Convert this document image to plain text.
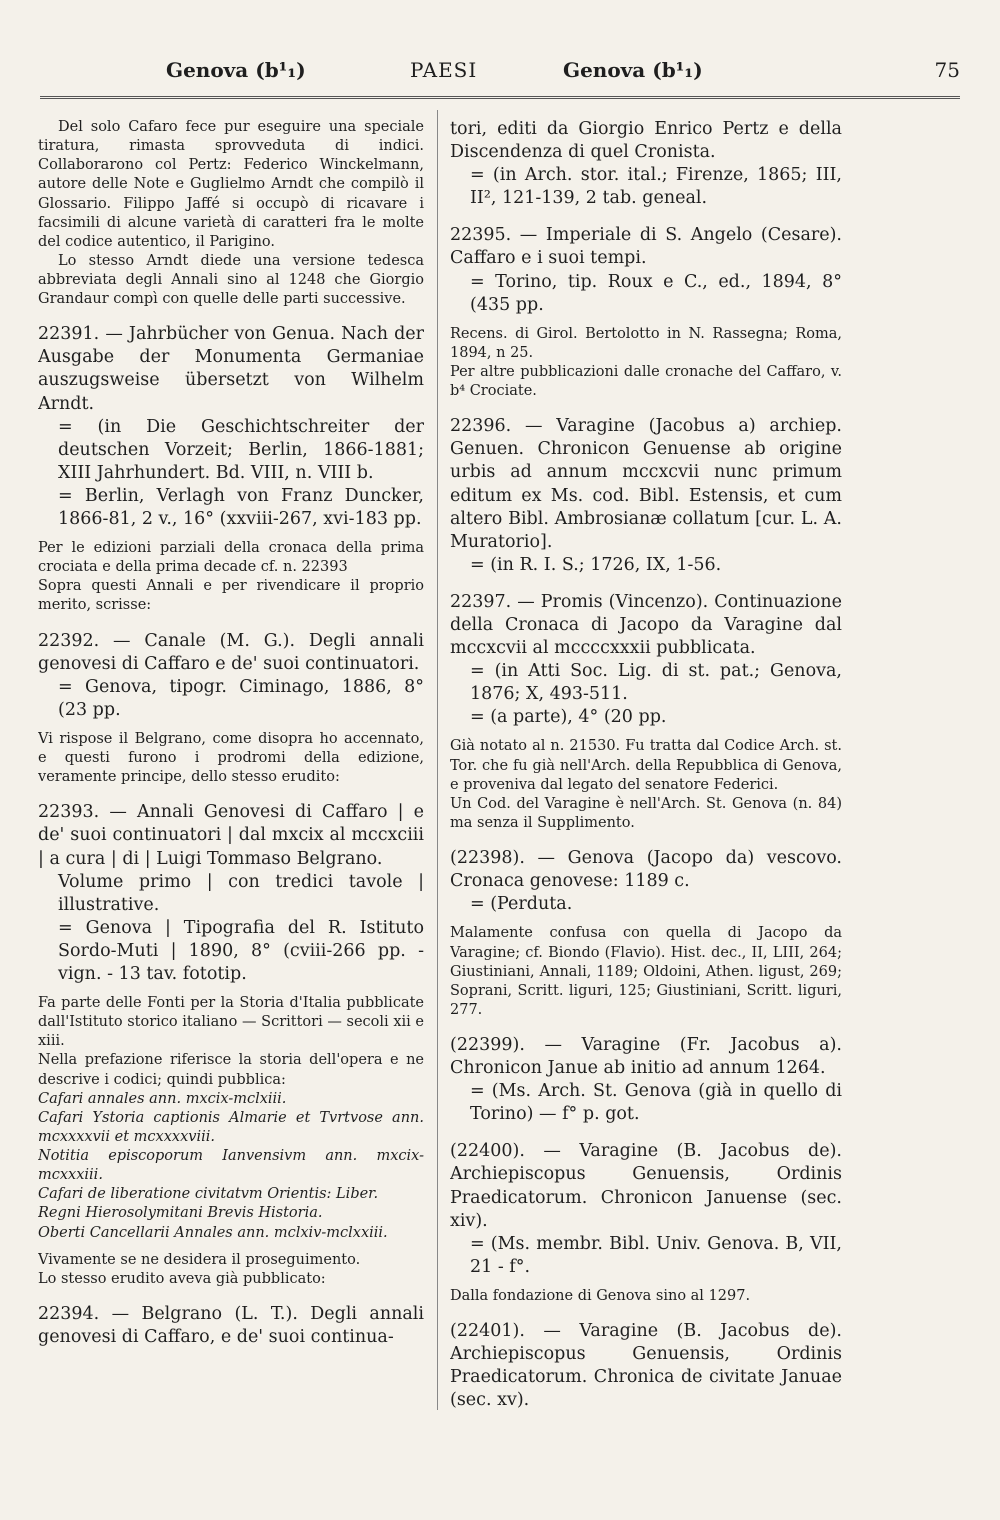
Genova (b¹₁)	PAESI	Genova (b¹₁)	75

Del solo Cafaro fece pur eseguire una speciale tiratura, rimasta sprovveduta di indici. Collaborarono col Pertz: Federico Winckelmann, autore delle Note e Guglielmo Arndt che compilò il Glossario. Filippo Jaffé si occupò di ricavare i facsimili di alcune varietà di caratteri fra le molte del codice autentico, il Parigino.

Lo stesso Arndt diede una versione tedesca abbreviata degli Annali sino al 1248 che Giorgio Grandaur compì con quelle delle parti successive.

22391. — Jahrbücher von Genua. Nach der Ausgabe der Monumenta Germaniae auszugsweise übersetzt von Wilhelm Arndt.

= (in Die Geschichtschreiter der deutschen Vorzeit; Berlin, 1866-1881; XIII Jahrhundert. Bd. VIII, n. VIII b.

= Berlin, Verlagh von Franz Duncker, 1866-81, 2 v., 16° (xxviii-267, xvi-183 pp.

Per le edizioni parziali della cronaca della prima crociata e della prima decade cf. n. 22393

Sopra questi Annali e per rivendicare il proprio merito, scrisse:

22392. — Canale (M. G.). Degli annali genovesi di Caffaro e de' suoi continuatori.

= Genova, tipogr. Ciminago, 1886, 8° (23 pp.

Vi rispose il Belgrano, come disopra ho accennato, e questi furono i prodromi della edizione, veramente principe, dello stesso erudito:

22393. — Annali Genovesi di Caffaro | e de' suoi continuatori | dal mxcix al mccxciii | a cura | di | Luigi Tommaso Belgrano.

Volume primo | con tredici tavole | illustrative.

= Genova | Tipografia del R. Istituto Sordo-Muti | 1890, 8° (cviii-266 pp. - vign. - 13 tav. fototip.

Fa parte delle Fonti per la Storia d'Italia pubblicate dall'Istituto storico italiano — Scrittori — secoli xii e xiii.

Nella prefazione riferisce la storia dell'opera e ne descrive i codici; quindi pubblica:

Cafari annales ann. mxcix-mclxiii.

Cafari Ystoria captionis Almarie et Tvrtvose ann. mcxxxxvii et mcxxxxviii.

Notitia episcoporum Ianvensivm ann. mxcix-mcxxxiii.

Cafari de liberatione civitatvm Orientis: Liber.

Regni Hierosolymitani Brevis Historia.

Oberti Cancellarii Annales ann. mclxiv-mclxxiii.

Vivamente se ne desidera il proseguimento.

Lo stesso erudito aveva già pubblicato:

22394. — Belgrano (L. T.). Degli annali genovesi di Caffaro, e de' suoi continua-

tori, editi da Giorgio Enrico Pertz e della Discendenza di quel Cronista.

= (in Arch. stor. ital.; Firenze, 1865; III, II², 121-139, 2 tab. geneal.

22395. — Imperiale di S. Angelo (Cesare). Caffaro e i suoi tempi.

= Torino, tip. Roux e C., ed., 1894, 8° (435 pp.

Recens. di Girol. Bertolotto in N. Rassegna; Roma, 1894, n 25.

Per altre pubblicazioni dalle cronache del Caffaro, v. b⁴ Crociate.

22396. — Varagine (Jacobus a) archiep. Genuen. Chronicon Genuense ab origine urbis ad annum mccxcvii nunc primum editum ex Ms. cod. Bibl. Estensis, et cum altero Bibl. Ambrosianæ collatum [cur. L. A. Muratorio].

= (in R. I. S.; 1726, IX, 1-56.

22397. — Promis (Vincenzo). Continuazione della Cronaca di Jacopo da Varagine dal mccxcvii al mccccxxxii pubblicata.

= (in Atti Soc. Lig. di st. pat.; Genova, 1876; X, 493-511.

= (a parte), 4° (20 pp.

Già notato al n. 21530. Fu tratta dal Codice Arch. st. Tor. che fu già nell'Arch. della Repubblica di Genova, e proveniva dal legato del senatore Federici.

Un Cod. del Varagine è nell'Arch. St. Genova (n. 84) ma senza il Supplimento.

(22398). — Genova (Jacopo da) vescovo. Cronaca genovese: 1189 c.

= (Perduta.

Malamente confusa con quella di Jacopo da Varagine; cf. Biondo (Flavio). Hist. dec., II, LIII, 264; Giustiniani, Annali, 1189; Oldoini, Athen. ligust, 269; Soprani, Scritt. liguri, 125; Giustiniani, Scritt. liguri, 277.

(22399). — Varagine (Fr. Jacobus a). Chronicon Janue ab initio ad annum 1264.

= (Ms. Arch. St. Genova (già in quello di Torino) — f° p. got.

(22400). — Varagine (B. Jacobus de). Archiepiscopus Genuensis, Ordinis Praedicatorum. Chronicon Januense (sec. xiv).

= (Ms. membr. Bibl. Univ. Genova. B, VII, 21 - f°.

Dalla fondazione di Genova sino al 1297.

(22401). — Varagine (B. Jacobus de). Archiepiscopus Genuensis, Ordinis Praedicatorum. Chronica de civitate Januae (sec. xv).
